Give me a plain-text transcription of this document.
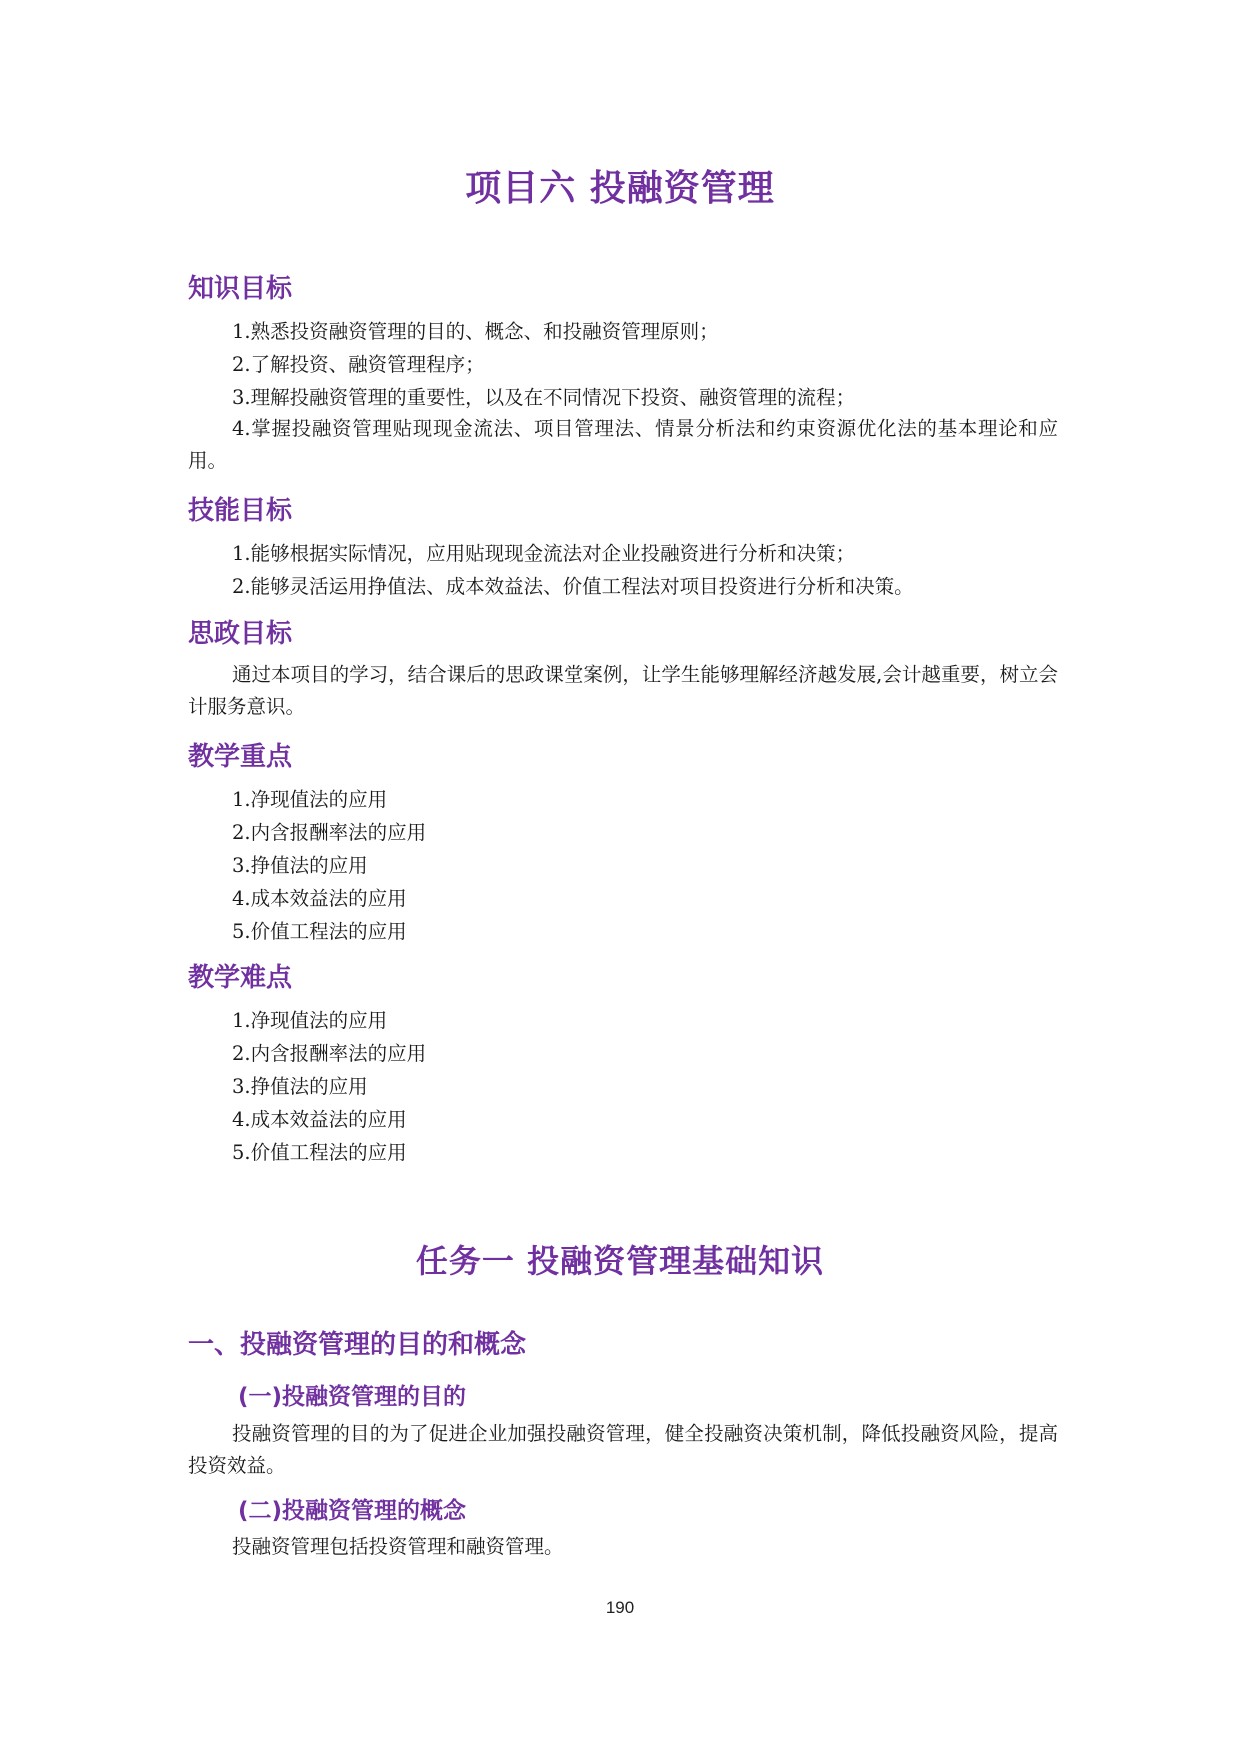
项目六 投融资管理
知识目标
1.熟悉投资融资管理的目的、概念、和投融资管理原则；
2.了解投资、融资管理程序；
3.理解投融资管理的重要性，以及在不同情况下投资、融资管理的流程；
4.掌握投融资管理贴现现金流法、项目管理法、情景分析法和约束资源优化法的基本理论和应用。
技能目标
1.能够根据实际情况，应用贴现现金流法对企业投融资进行分析和决策；
2.能够灵活运用挣值法、成本效益法、价值工程法对项目投资进行分析和决策。
思政目标
通过本项目的学习，结合课后的思政课堂案例，让学生能够理解经济越发展,会计越重要，树立会计服务意识。
教学重点
1.净现值法的应用
2.内含报酬率法的应用
3.挣值法的应用
4.成本效益法的应用
5.价值工程法的应用
教学难点
1.净现值法的应用
2.内含报酬率法的应用
3.挣值法的应用
4.成本效益法的应用
5.价值工程法的应用
任务一 投融资管理基础知识
一、投融资管理的目的和概念
(一)投融资管理的目的
投融资管理的目的为了促进企业加强投融资管理，健全投融资决策机制，降低投融资风险，提高投资效益。
(二)投融资管理的概念
投融资管理包括投资管理和融资管理。
190
